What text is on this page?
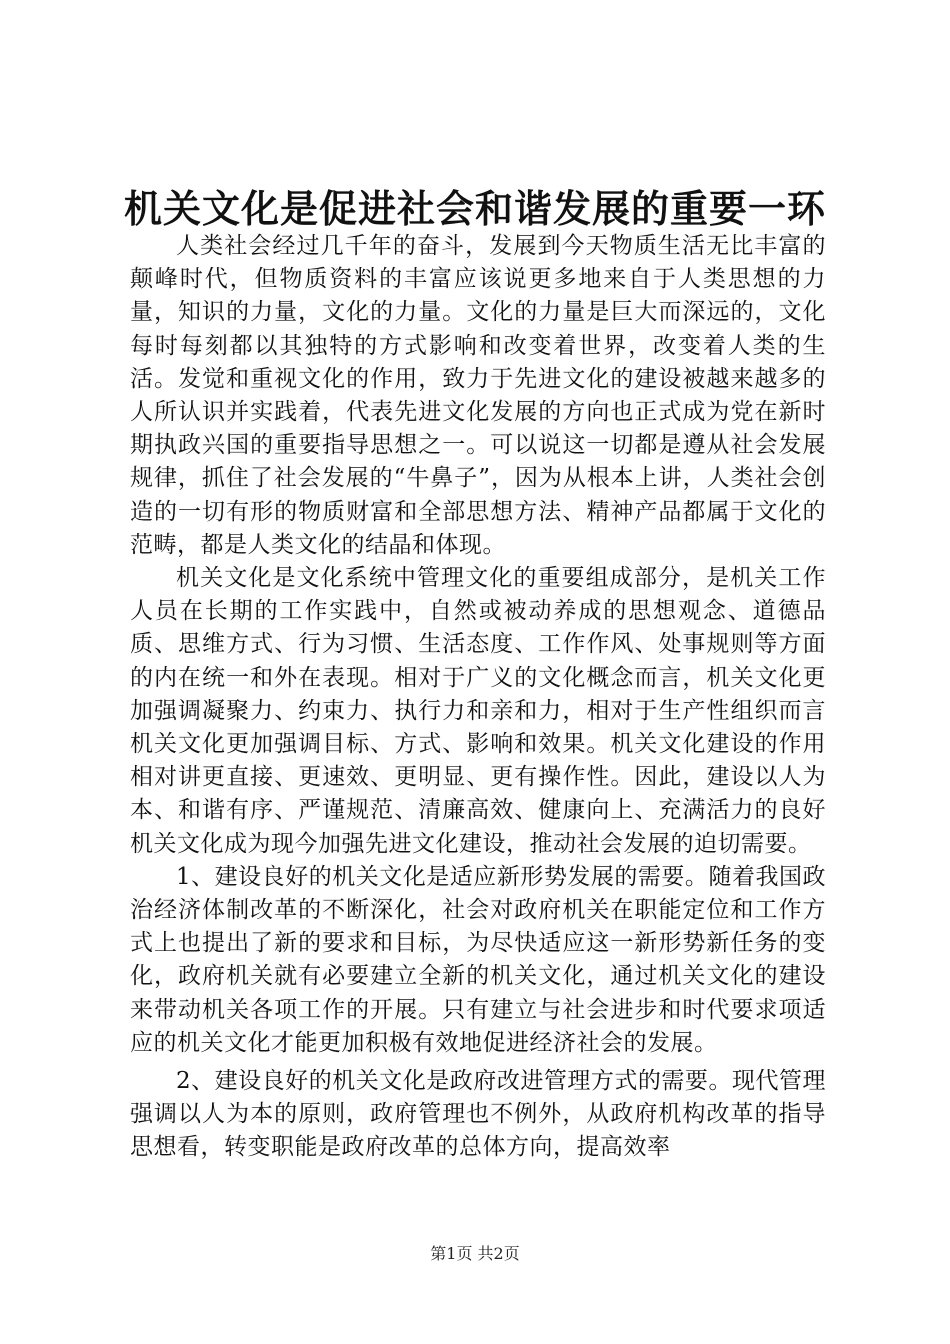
机关文化是促进社会和谐发展的重要一环

人类社会经过几千年的奋斗，发展到今天物质生活无比丰富的颠峰时代，但物质资料的丰富应该说更多地来自于人类思想的力量，知识的力量，文化的力量。文化的力量是巨大而深远的，文化每时每刻都以其独特的方式影响和改变着世界，改变着人类的生活。发觉和重视文化的作用，致力于先进文化的建设被越来越多的人所认识并实践着，代表先进文化发展的方向也正式成为党在新时期执政兴国的重要指导思想之一。可以说这一切都是遵从社会发展规律，抓住了社会发展的“牛鼻子”，因为从根本上讲，人类社会创造的一切有形的物质财富和全部思想方法、精神产品都属于文化的范畴，都是人类文化的结晶和体现。

机关文化是文化系统中管理文化的重要组成部分，是机关工作人员在长期的工作实践中，自然或被动养成的思想观念、道德品质、思维方式、行为习惯、生活态度、工作作风、处事规则等方面的内在统一和外在表现。相对于广义的文化概念而言，机关文化更加强调凝聚力、约束力、执行力和亲和力，相对于生产性组织而言机关文化更加强调目标、方式、影响和效果。机关文化建设的作用相对讲更直接、更速效、更明显、更有操作性。因此，建设以人为本、和谐有序、严谨规范、清廉高效、健康向上、充满活力的良好机关文化成为现今加强先进文化建设，推动社会发展的迫切需要。

1、建设良好的机关文化是适应新形势发展的需要。随着我国政治经济体制改革的不断深化，社会对政府机关在职能定位和工作方式上也提出了新的要求和目标，为尽快适应这一新形势新任务的变化，政府机关就有必要建立全新的机关文化，通过机关文化的建设来带动机关各项工作的开展。只有建立与社会进步和时代要求项适应的机关文化才能更加积极有效地促进经济社会的发展。

2、建设良好的机关文化是政府改进管理方式的需要。现代管理强调以人为本的原则，政府管理也不例外，从政府机构改革的指导思想看，转变职能是政府改革的总体方向，提高效率

第1页 共2页
